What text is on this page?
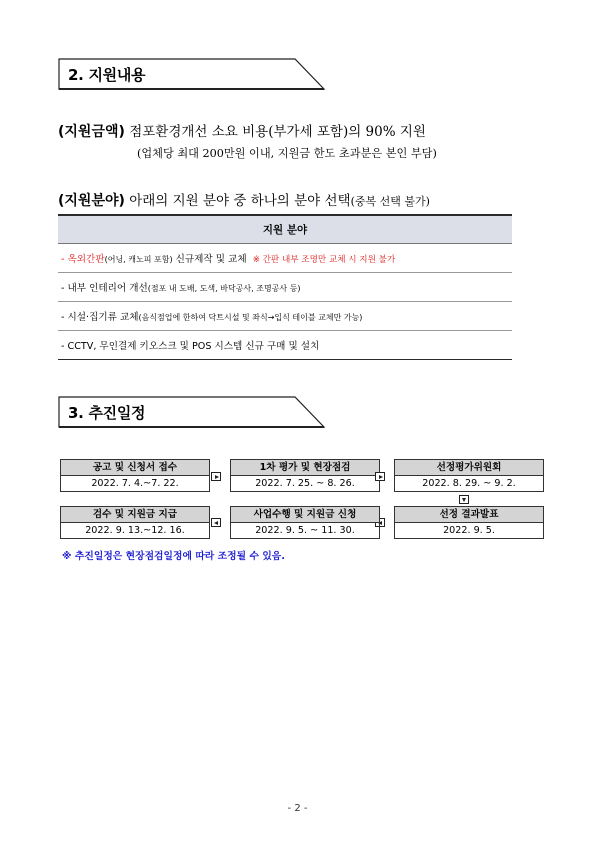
2. 지원내용
(지원금액) 점포환경개선 소요 비용(부가세 포함)의 90% 지원
(업체당 최대 200만원 이내, 지원금 한도 초과분은 본인 부담)
(지원분야) 아래의 지원 분야 중 하나의 분야 선택(중복 선택 불가)
지원 분야
- 옥외간판(어닝, 캐노피 포함) 신규제작 및 교체 ※ 간판 내부 조명만 교체 시 지원 불가
- 내부 인테리어 개선(점포 내 도배, 도색, 바닥공사, 조명공사 등)
- 시설·집기류 교체(음식점업에 한하여 닥트시설 및 좌식→입식 테이블 교체만 가능)
- CCTV, 무인결제 키오스크 및 POS 시스템 신규 구매 및 설치
3. 추진일정
공고 및 신청서 접수
2022. 7. 4.~7. 22.
1차 평가 및 현장점검
2022. 7. 25. ~ 8. 26.
선정평가위원회
2022. 8. 29. ~ 9. 2.
선정 결과발표
2022. 9. 5.
사업수행 및 지원금 신청
2022. 9. 5. ~ 11. 30.
검수 및 지원금 지급
2022. 9. 13.~12. 16.
※ 추진일정은 현장점검일정에 따라 조정될 수 있음.
- 2 -
